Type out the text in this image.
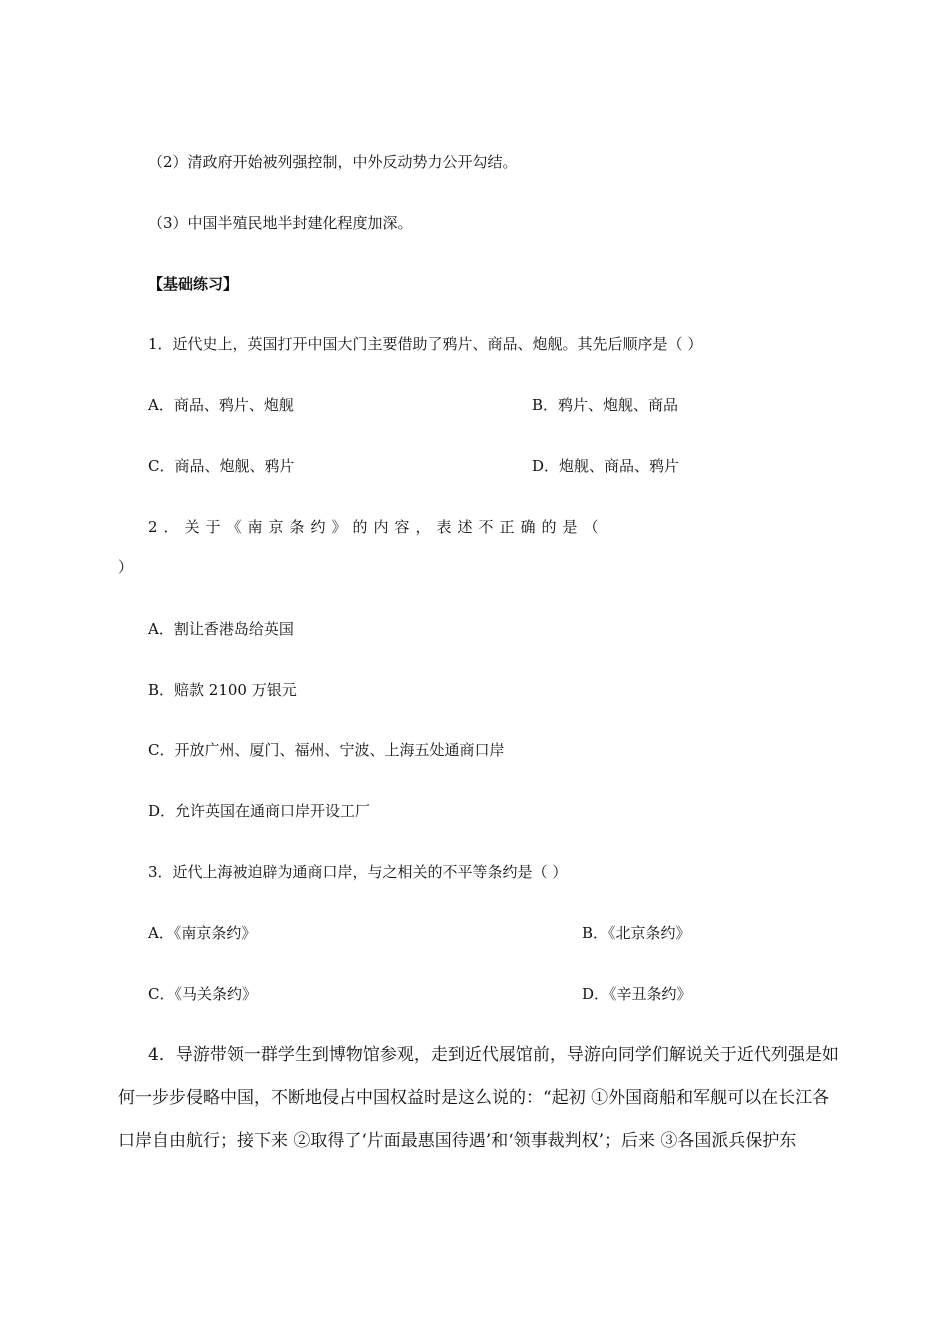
（2）清政府开始被列强控制，中外反动势力公开勾结。
（3）中国半殖民地半封建化程度加深。
【基础练习】
1．近代史上，英国打开中国大门主要借助了鸦片、商品、炮舰。其先后顺序是（ ）
A．商品、鸦片、炮舰	B．鸦片、炮舰、商品
C．商品、炮舰、鸦片	D．炮舰、商品、鸦片
2．关于《南京条约》的内容，表述不正确的是（
）
A．割让香港岛给英国
B．赔款 2100 万银元
C．开放广州、厦门、福州、宁波、上海五处通商口岸
D．允许英国在通商口岸开设工厂
3．近代上海被迫辟为通商口岸，与之相关的不平等条约是（ ）
A．《南京条约》	B．《北京条约》
C．《马关条约》	D．《辛丑条约》
4．导游带领一群学生到博物馆参观，走到近代展馆前，导游向同学们解说关于近代列强是如
何一步步侵略中国，不断地侵占中国权益时是这么说的：“起初 ①外国商船和军舰可以在长江各
口岸自由航行；接下来 ②取得了‘片面最惠国待遇’和‘领事裁判权’；后来 ③各国派兵保护东
